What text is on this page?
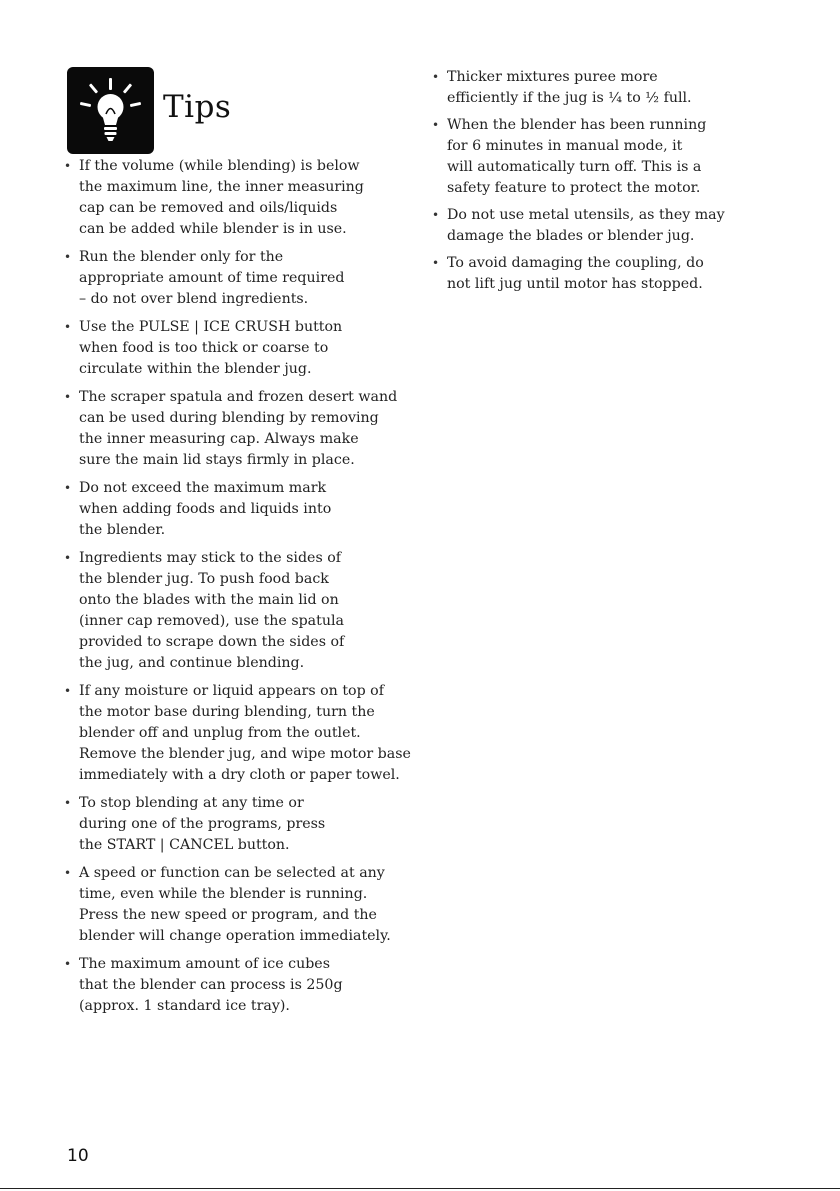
Tips
• If the volume (while blending) is below
the maximum line, the inner measuring
cap can be removed and oils/liquids
can be added while blender is in use.
• Run the blender only for the
appropriate amount of time required
– do not over blend ingredients.
• Use the PULSE | ICE CRUSH button
when food is too thick or coarse to
circulate within the blender jug.
• The scraper spatula and frozen desert wand
can be used during blending by removing
the inner measuring cap. Always make
sure the main lid stays firmly in place.
• Do not exceed the maximum mark
when adding foods and liquids into
the blender.
• Ingredients may stick to the sides of
the blender jug. To push food back
onto the blades with the main lid on
(inner cap removed), use the spatula
provided to scrape down the sides of
the jug, and continue blending.
• If any moisture or liquid appears on top of
the motor base during blending, turn the
blender off and unplug from the outlet.
Remove the blender jug, and wipe motor base
immediately with a dry cloth or paper towel.
• To stop blending at any time or
during one of the programs, press
the START | CANCEL button.
• A speed or function can be selected at any
time, even while the blender is running.
Press the new speed or program, and the
blender will change operation immediately.
• The maximum amount of ice cubes
that the blender can process is 250g
(approx. 1 standard ice tray).
• Thicker mixtures puree more
efficiently if the jug is ¼ to ½ full.
• When the blender has been running
for 6 minutes in manual mode, it
will automatically turn off. This is a
safety feature to protect the motor.
• Do not use metal utensils, as they may
damage the blades or blender jug.
• To avoid damaging the coupling, do
not lift jug until motor has stopped.
10
